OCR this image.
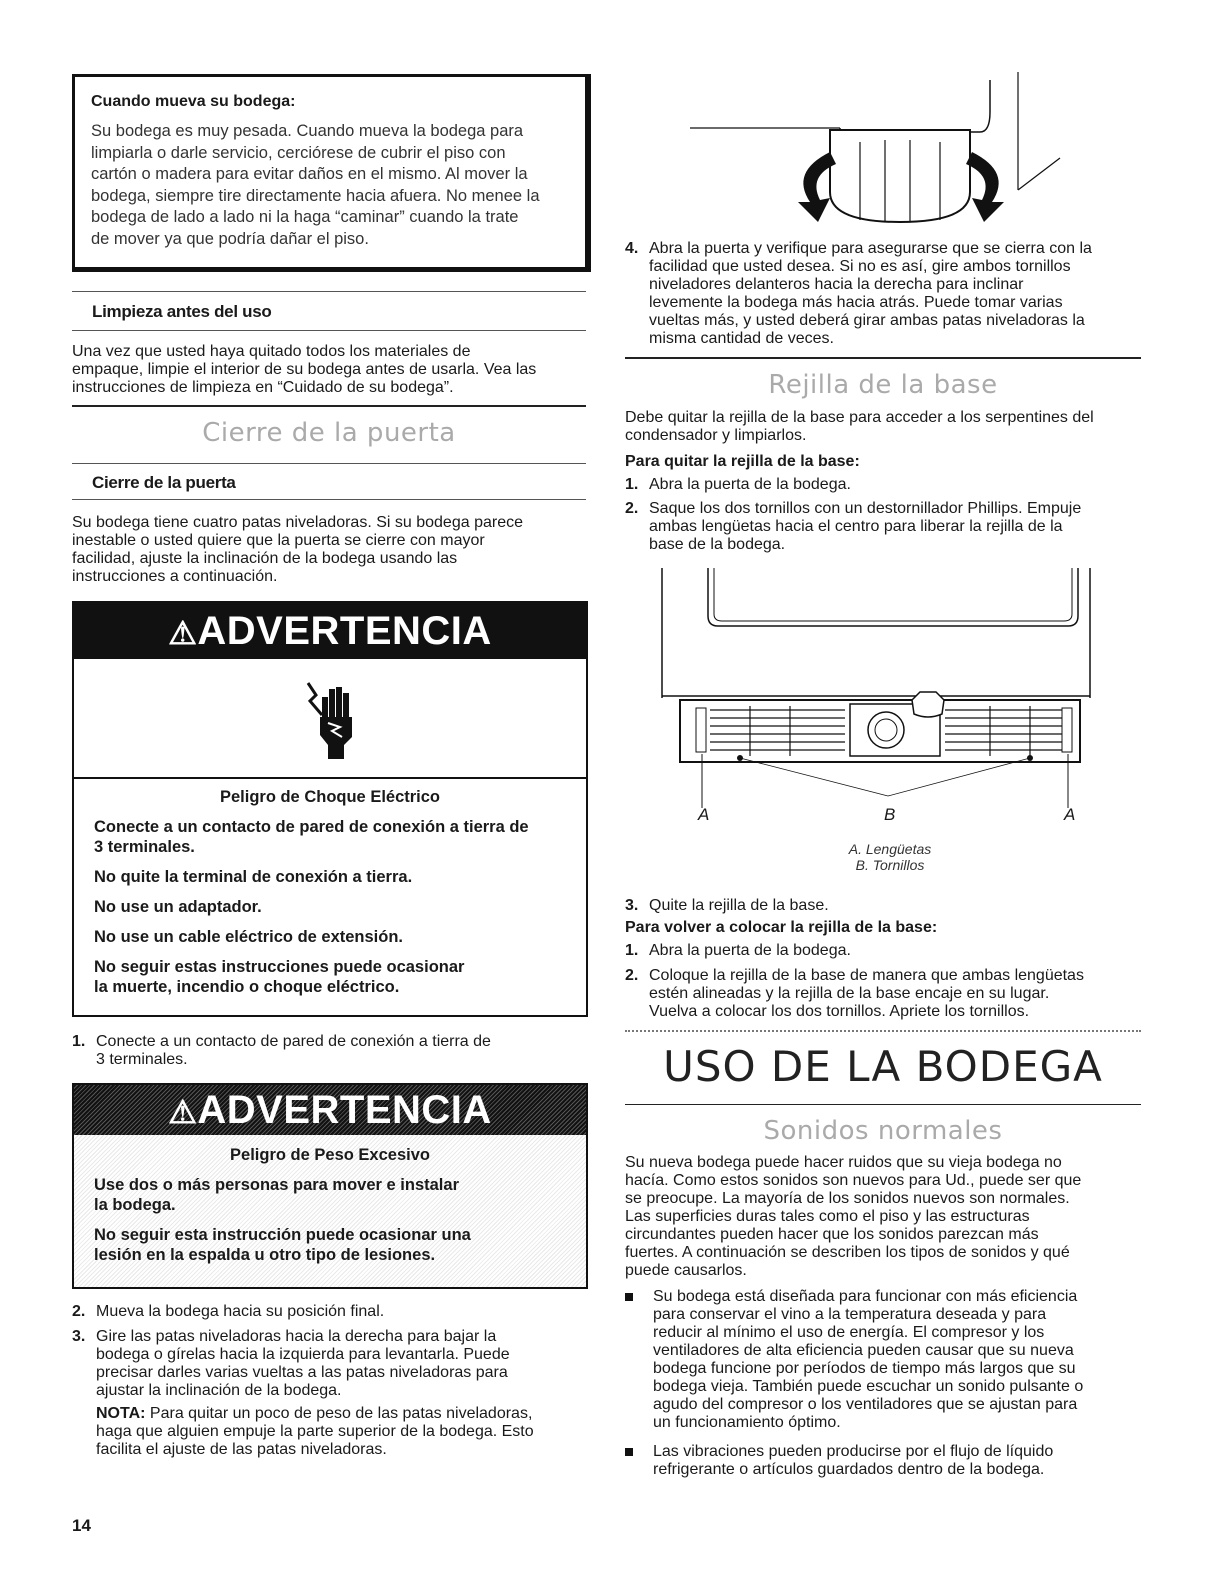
Cuando mueva su bodega:

Su bodega es muy pesada. Cuando mueva la bodega para

limpiarla o darle servicio, cerciórese de cubrir el piso con

cartón o madera para evitar daños en el mismo. Al mover la

bodega, siempre tire directamente hacia afuera. No menee la

bodega de lado a lado ni la haga “caminar” cuando la trate

de mover ya que podría dañar el piso.

Limpieza antes del uso

Una vez que usted haya quitado todos los materiales de

empaque, limpie el interior de su bodega antes de usarla. Vea las

instrucciones de limpieza en “Cuidado de su bodega”.

Cierre de la puerta
Cierre de la puerta

Su bodega tiene cuatro patas niveladoras. Si su bodega parece

inestable o usted quiere que la puerta se cierre con mayor

facilidad, ajuste la inclinación de la bodega usando las

instrucciones a continuación.

⚠ADVERTENCIA

Peligro de Choque Eléctrico

Conecte a un contacto de pared de conexión a tierra de

3 terminales.

No quite la terminal de conexión a tierra.

No use un adaptador.

No use un cable eléctrico de extensión.

No seguir estas instrucciones puede ocasionar

la muerte, incendio o choque eléctrico.

1. Conecte a un contacto de pared de conexión a tierra de

3 terminales.

⚠ADVERTENCIA

Peligro de Peso Excesivo

Use dos o más personas para mover e instalar

la bodega.

No seguir esta instrucción puede ocasionar una

lesión en la espalda u otro tipo de lesiones.

2. Mueva la bodega hacia su posición final.

3. Gire las patas niveladoras hacia la derecha para bajar la

bodega o gírelas hacia la izquierda para levantarla. Puede

precisar darles varias vueltas a las patas niveladoras para

ajustar la inclinación de la bodega.

NOTA: Para quitar un poco de peso de las patas niveladoras,

haga que alguien empuje la parte superior de la bodega. Esto

facilita el ajuste de las patas niveladoras.

14
4. Abra la puerta y verifique para asegurarse que se cierra con la

facilidad que usted desea. Si no es así, gire ambos tornillos

niveladores delanteros hacia la derecha para inclinar

levemente la bodega más hacia atrás. Puede tomar varias

vueltas más, y usted deberá girar ambas patas niveladoras la

misma cantidad de veces.

Rejilla de la base

Debe quitar la rejilla de la base para acceder a los serpentines del

condensador y limpiarlos.

Para quitar la rejilla de la base:
1. Abra la puerta de la bodega.

2. Saque los dos tornillos con un destornillador Phillips. Empuje

ambas lengüetas hacia el centro para liberar la rejilla de la

base de la bodega.

A	B	A

A. Lengüetas

B. Tornillos

3. Quite la rejilla de la base.

Para volver a colocar la rejilla de la base:
1. Abra la puerta de la bodega.

2. Coloque la rejilla de la base de manera que ambas lengüetas

estén alineadas y la rejilla de la base encaje en su lugar.

Vuelva a colocar los dos tornillos. Apriete los tornillos.

USO DE LA BODEGA
Sonidos normales

Su nueva bodega puede hacer ruidos que su vieja bodega no

hacía. Como estos sonidos son nuevos para Ud., puede ser que

se preocupe. La mayoría de los sonidos nuevos son normales.

Las superficies duras tales como el piso y las estructuras

circundantes pueden hacer que los sonidos parezcan más

fuertes. A continuación se describen los tipos de sonidos y qué

puede causarlos.

Su bodega está diseñada para funcionar con más eficiencia

para conservar el vino a la temperatura deseada y para

reducir al mínimo el uso de energía. El compresor y los

ventiladores de alta eficiencia pueden causar que su nueva

bodega funcione por períodos de tiempo más largos que su

bodega vieja. También puede escuchar un sonido pulsante o

agudo del compresor o los ventiladores que se ajustan para

un funcionamiento óptimo.

Las vibraciones pueden producirse por el flujo de líquido

refrigerante o artículos guardados dentro de la bodega.
